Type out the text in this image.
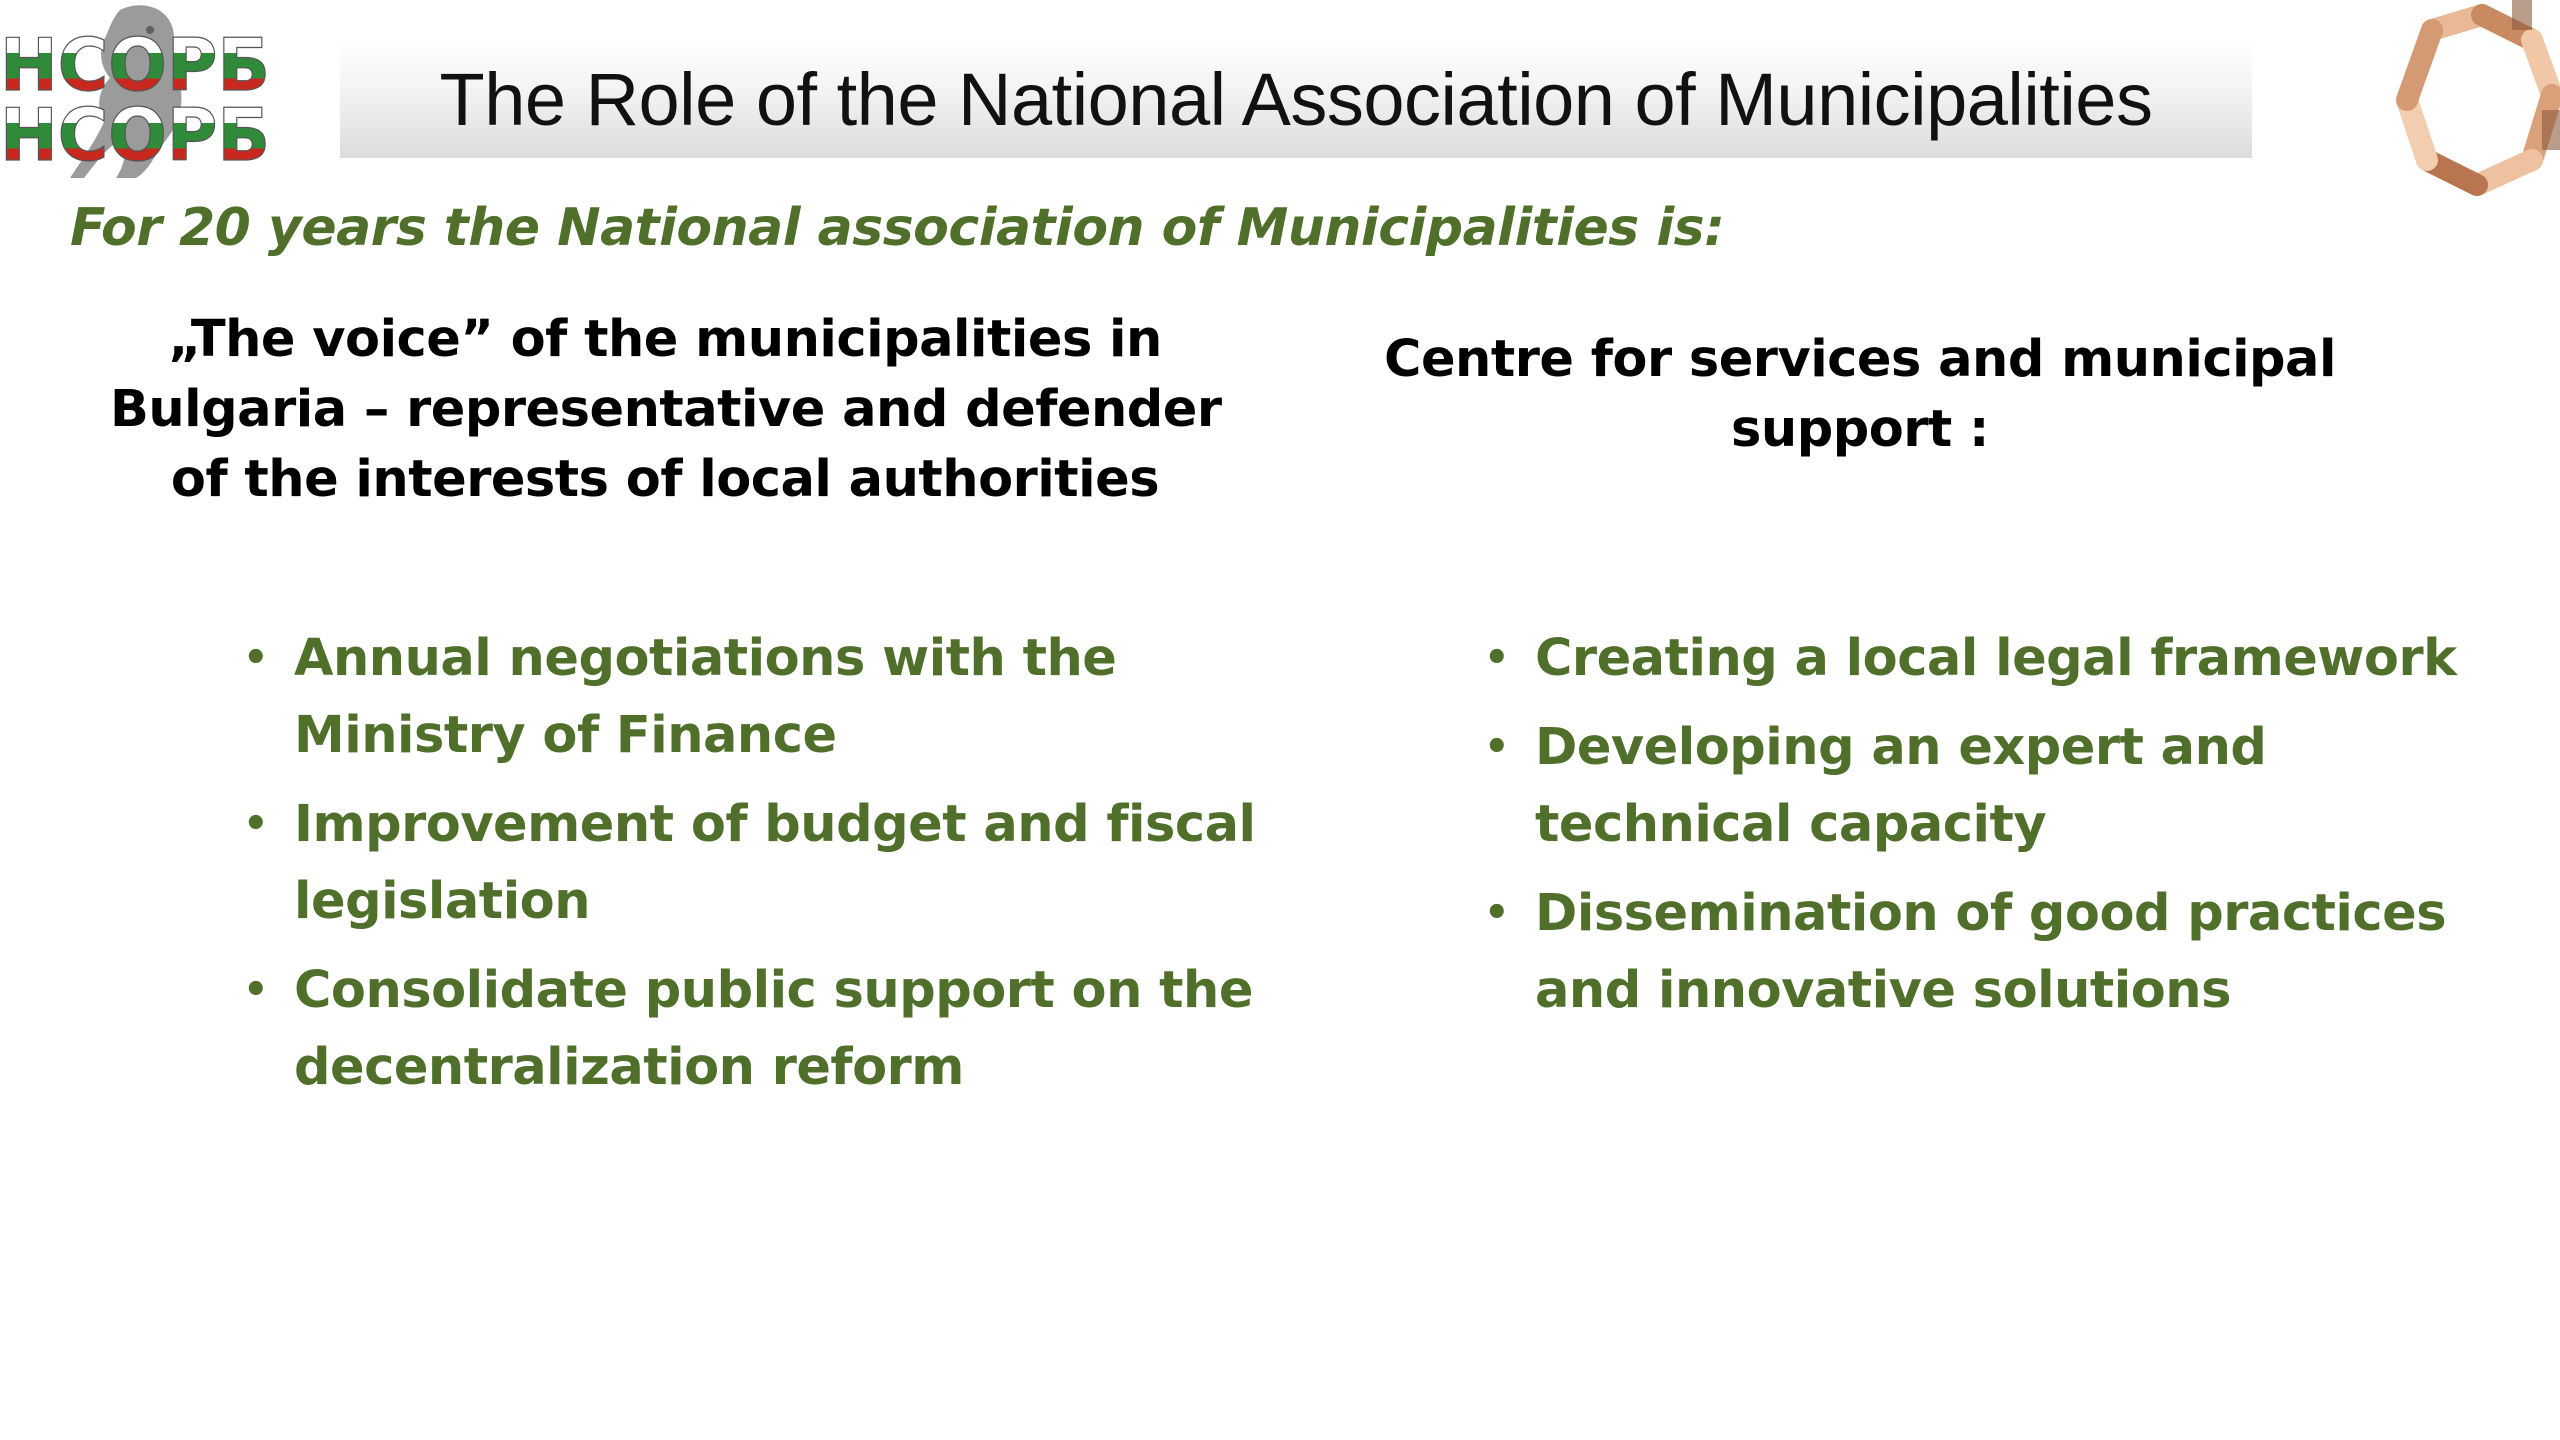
НСОРБ
НСОРБ The Role of the National Association of Municipalities
For 20 years the National association of Municipalities is:
„The voice” of the municipalities in
Bulgaria – representative and defender
of the interests of local authorities
Centre for services and municipal
support :
• Annual negotiations with the
Ministry of Finance
• Improvement of budget and fiscal
legislation
• Consolidate public support on the
decentralization reform
• Creating a local legal framework
• Developing an expert and
technical capacity
• Dissemination of good practices
and innovative solutions
